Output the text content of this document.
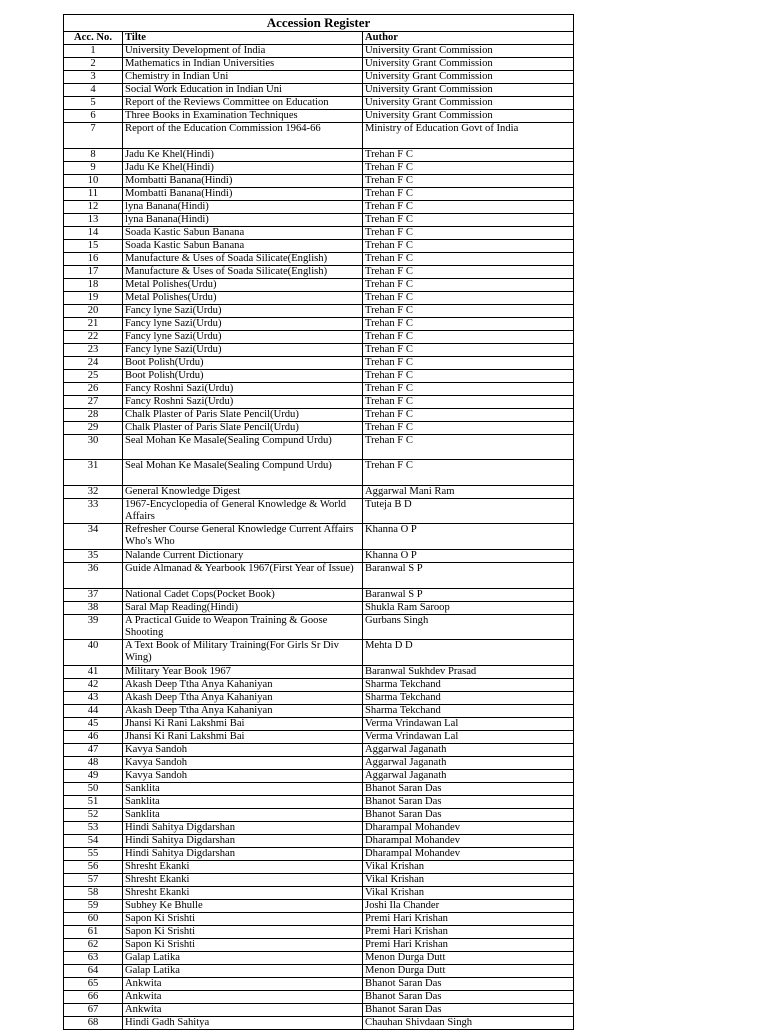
Accession Register		
Acc. No.	Tilte	Author
1	University Development of India	University Grant Commission
2	Mathematics in Indian Universities	University Grant Commission
3	Chemistry in Indian Uni	University Grant Commission
4	Social Work Education in Indian Uni	University Grant Commission
5	Report of the Reviews Committee on Education	University Grant Commission
6	Three Books in Examination Techniques	University Grant Commission
7	Report of the Education Commission 1964-66	Ministry of Education Govt of India
8	Jadu Ke Khel(Hindi)	Trehan F C
9	Jadu Ke Khel(Hindi)	Trehan F C
10	Mombatti Banana(Hindi)	Trehan F C
11	Mombatti Banana(Hindi)	Trehan F C
12	lyna Banana(Hindi)	Trehan F C
13	lyna Banana(Hindi)	Trehan F C
14	Soada Kastic Sabun Banana	Trehan F C
15	Soada Kastic Sabun Banana	Trehan F C
16	Manufacture & Uses of Soada Silicate(English)	Trehan F C
17	Manufacture & Uses of Soada Silicate(English)	Trehan F C
18	Metal Polishes(Urdu)	Trehan F C
19	Metal Polishes(Urdu)	Trehan F C
20	Fancy lyne Sazi(Urdu)	Trehan F C
21	Fancy lyne Sazi(Urdu)	Trehan F C
22	Fancy lyne Sazi(Urdu)	Trehan F C
23	Fancy lyne Sazi(Urdu)	Trehan F C
24	Boot Polish(Urdu)	Trehan F C
25	Boot Polish(Urdu)	Trehan F C
26	Fancy Roshni Sazi(Urdu)	Trehan F C
27	Fancy Roshni Sazi(Urdu)	Trehan F C
28	Chalk Plaster of Paris Slate Pencil(Urdu)	Trehan F C
29	Chalk Plaster of Paris Slate Pencil(Urdu)	Trehan F C
30	Seal Mohan Ke Masale(Sealing Compund Urdu)	Trehan F C
31	Seal Mohan Ke Masale(Sealing Compund Urdu)	Trehan F C
32	General Knowledge Digest	Aggarwal Mani Ram
33	1967-Encyclopedia of General Knowledge & World Affairs	Tuteja B D
34	Refresher Course General Knowledge Current Affairs Who's Who	Khanna O P
35	Nalande Current Dictionary	Khanna O P
36	Guide Almanad & Yearbook 1967(First Year of Issue)	Baranwal S P
37	National Cadet Cops(Pocket Book)	Baranwal S P
38	Saral Map Reading(Hindi)	Shukla Ram Saroop
39	A Practical Guide to Weapon Training & Goose Shooting	Gurbans Singh
40	A Text Book of Military Training(For Girls Sr Div Wing)	Mehta D D
41	Military Year Book 1967	Baranwal Sukhdev Prasad
42	Akash Deep Ttha Anya Kahaniyan	Sharma Tekchand
43	Akash Deep Ttha Anya Kahaniyan	Sharma Tekchand
44	Akash Deep Ttha Anya Kahaniyan	Sharma Tekchand
45	Jhansi Ki Rani Lakshmi Bai	Verma Vrindawan Lal
46	Jhansi Ki Rani Lakshmi Bai	Verma Vrindawan Lal
47	Kavya Sandoh	Aggarwal Jaganath
48	Kavya Sandoh	Aggarwal Jaganath
49	Kavya Sandoh	Aggarwal Jaganath
50	Sanklita	Bhanot Saran Das
51	Sanklita	Bhanot Saran Das
52	Sanklita	Bhanot Saran Das
53	Hindi Sahitya Digdarshan	Dharampal Mohandev
54	Hindi Sahitya Digdarshan	Dharampal Mohandev
55	Hindi Sahitya Digdarshan	Dharampal Mohandev
56	Shresht Ekanki	Vikal Krishan
57	Shresht Ekanki	Vikal Krishan
58	Shresht Ekanki	Vikal Krishan
59	Subhey Ke Bhulle	Joshi Ila Chander
60	Sapon Ki Srishti	Premi Hari Krishan
61	Sapon Ki Srishti	Premi Hari Krishan
62	Sapon Ki Srishti	Premi Hari Krishan
63	Galap Latika	Menon Durga Dutt
64	Galap Latika	Menon Durga Dutt
65	Ankwita	Bhanot Saran Das
66	Ankwita	Bhanot Saran Das
67	Ankwita	Bhanot Saran Das
68	Hindi Gadh Sahitya	Chauhan Shivdaan Singh
